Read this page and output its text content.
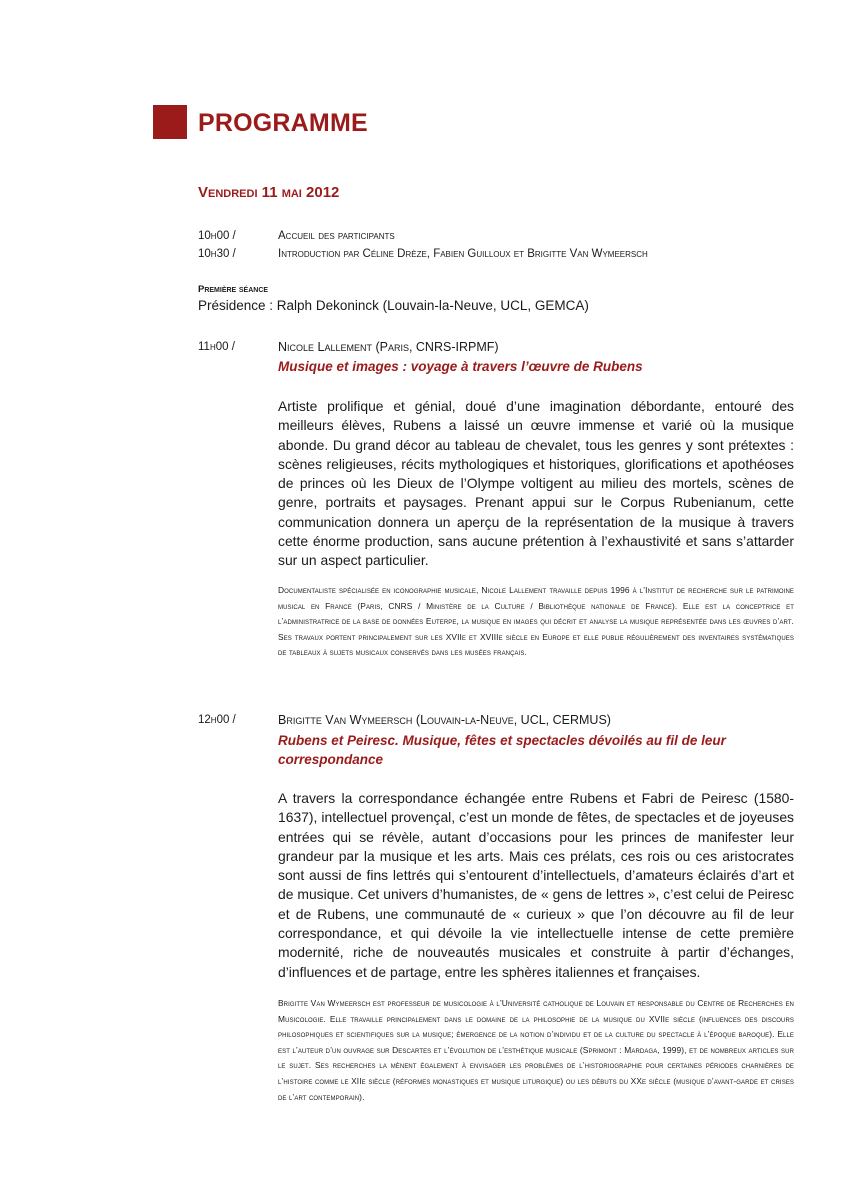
PROGRAMME
Vendredi 11 mai 2012
10h00 /	Accueil des participants
10h30 /	Introduction par Céline Drèze, Fabien Guilloux et Brigitte Van Wymeersch
Première séance
Présidence : Ralph Dekoninck (Louvain-la-Neuve, UCL, GEMCA)
11h00 /	Nicole Lallement (Paris, CNRS-IRPMF)
Musique et images : voyage à travers l’œuvre de Rubens
Artiste prolifique et génial, doué d’une imagination débordante, entouré des meilleurs élèves, Rubens a laissé un œuvre immense et varié où la musique abonde. Du grand décor au tableau de chevalet, tous les genres y sont prétextes : scènes religieuses, récits mythologiques et historiques, glorifications et apothéoses de princes où les Dieux de l’Olympe voltigent au milieu des mortels, scènes de genre, portraits et paysages. Prenant appui sur le Corpus Rubenianum, cette communication donnera un aperçu de la représentation de la musique à travers cette énorme production, sans aucune prétention à l’exhaustivité et sans s’attarder sur un aspect particulier.
Documentaliste spécialisée en iconographie musicale, Nicole Lallement travaille depuis 1996 à l’Institut de recherche sur le patrimoine musical en France (Paris, CNRS / Ministère de la Culture / Bibliothèque nationale de France). Elle est la conceptrice et l’administratrice de la base de données Euterpe, la musique en images qui décrit et analyse la musique représentée dans les œuvres d’art. Ses travaux portent principalement sur les XVIIe et XVIIIe siècle en Europe et elle publie régulièrement des inventaires systématiques de tableaux à sujets musicaux conservés dans les musées français.
12h00 /	Brigitte Van Wymeersch (Louvain-la-Neuve, UCL, CERMUS)
Rubens et Peiresc. Musique, fêtes et spectacles dévoilés au fil de leur correspondance
A travers la correspondance échangée entre Rubens et Fabri de Peiresc (1580-1637), intellectuel provençal, c’est un monde de fêtes, de spectacles et de joyeuses entrées qui se révèle, autant d’occasions pour les princes de manifester leur grandeur par la musique et les arts. Mais ces prélats, ces rois ou ces aristocrates sont aussi de fins lettrés qui s’entourent d’intellectuels, d’amateurs éclairés d’art et de musique. Cet univers d’humanistes, de « gens de lettres », c’est celui de Peiresc et de Rubens, une communauté de « curieux » que l’on découvre au fil de leur correspondance, et qui dévoile la vie intellectuelle intense de cette première modernité, riche de nouveautés musicales et construite à partir d’échanges, d’influences et de partage, entre les sphères italiennes et françaises.
Brigitte Van Wymeersch est professeur de musicologie à l’Université catholique de Louvain et responsable du Centre de Recherches en Musicologie. Elle travaille principalement dans le domaine de la philosophie de la musique du XVIIe siècle (influences des discours philosophiques et scientifiques sur la musique; émergence de la notion d’individu et de la culture du spectacle à l’époque baroque). Elle est l’auteur d’un ouvrage sur Descartes et l’évolution de l’esthétique musicale (Sprimont : Mardaga, 1999), et de nombreux articles sur le sujet. Ses recherches la mènent également à envisager les problèmes de l’historiographie pour certaines périodes charnières de l’histoire comme le XIIe siècle (réformes monastiques et musique liturgique) ou les débuts du XXe siècle (musique d’avant-garde et crises de l’art contemporain).
